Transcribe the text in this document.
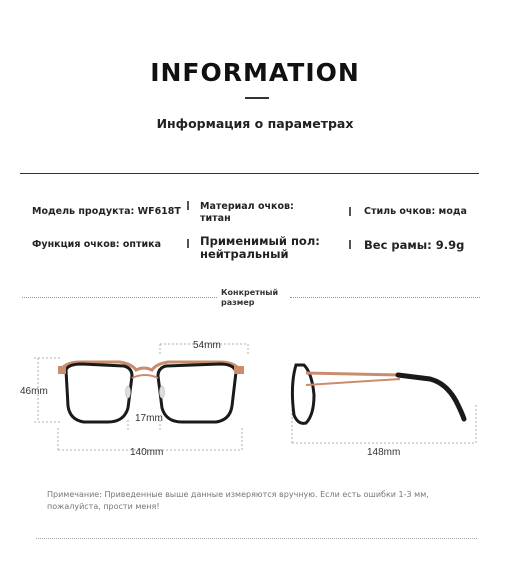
INFORMATION
Информация о параметрах
Модель продукта: WF618T Материал очков:
титан
Стиль очков: мода
Функция очков: оптика	Применимый пол:
нейтральный
Вес рамы: 9.9g
Конкретный размер
46mm
54mm
17mm
140mm	148mm
Примечание: Приведенные выше данные измеряются вручную. Если есть ошибки 1-3 мм, пожалуйста, прости меня!
